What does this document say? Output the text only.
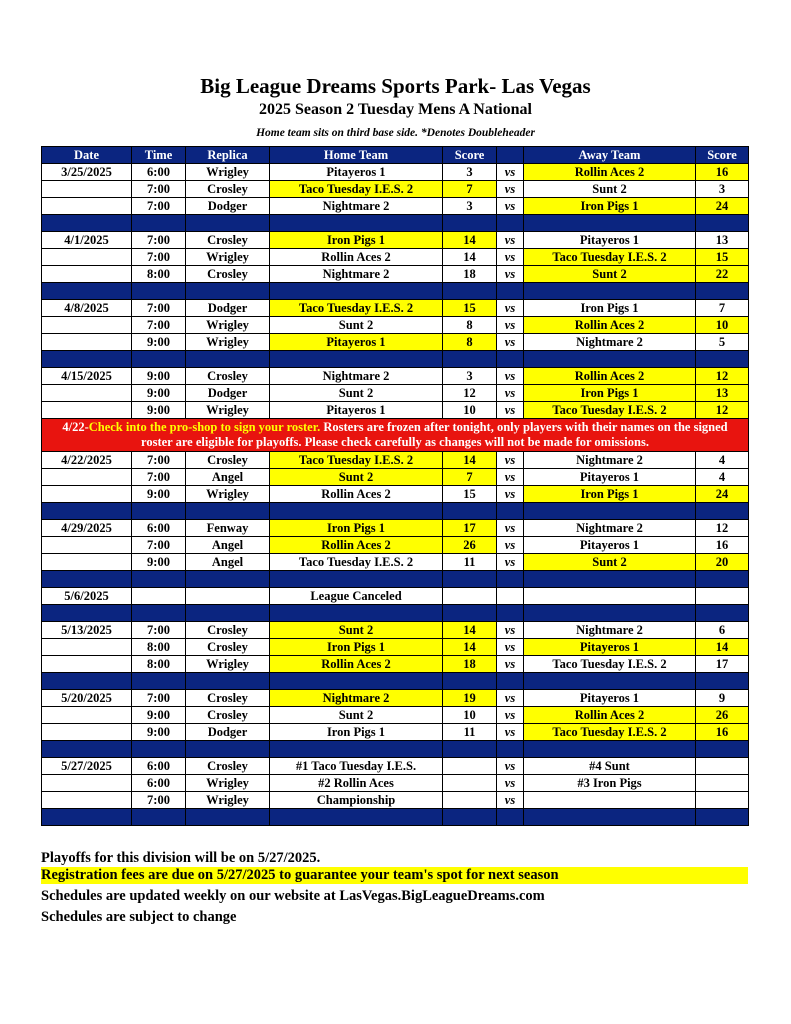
Big League Dreams Sports Park- Las Vegas
2025 Season 2 Tuesday Mens A National
Home team sits on third base side. *Denotes Doubleheader
Date	Time	Replica	Home Team	Score		Away Team	Score
3/25/2025	6:00	Wrigley	Pitayeros 1	3	vs	Rollin Aces 2	16
	7:00	Crosley	Taco Tuesday I.E.S. 2	7	vs	Sunt 2	3
	7:00	Dodger	Nightmare 2	3	vs	Iron Pigs 1	24

4/1/2025	7:00	Crosley	Iron Pigs 1	14	vs	Pitayeros 1	13
	7:00	Wrigley	Rollin Aces 2	14	vs	Taco Tuesday I.E.S. 2	15
	8:00	Crosley	Nightmare 2	18	vs	Sunt 2	22

4/8/2025	7:00	Dodger	Taco Tuesday I.E.S. 2	15	vs	Iron Pigs 1	7
	7:00	Wrigley	Sunt 2	8	vs	Rollin Aces 2	10
	9:00	Wrigley	Pitayeros 1	8	vs	Nightmare 2	5

4/15/2025	9:00	Crosley	Nightmare 2	3	vs	Rollin Aces 2	12
	9:00	Dodger	Sunt 2	12	vs	Iron Pigs 1	13
	9:00	Wrigley	Pitayeros 1	10	vs	Taco Tuesday I.E.S. 2	12
4/22-Check into the pro-shop to sign your roster. Rosters are frozen after tonight, only players with their names on the signed roster are eligible for playoffs. Please check carefully as changes will not be made for omissions.							
4/22/2025	7:00	Crosley	Taco Tuesday I.E.S. 2	14	vs	Nightmare 2	4
	7:00	Angel	Sunt 2	7	vs	Pitayeros 1	4
	9:00	Wrigley	Rollin Aces 2	15	vs	Iron Pigs 1	24

4/29/2025	6:00	Fenway	Iron Pigs 1	17	vs	Nightmare 2	12
	7:00	Angel	Rollin Aces 2	26	vs	Pitayeros 1	16
	9:00	Angel	Taco Tuesday I.E.S. 2	11	vs	Sunt 2	20

5/6/2025			League Canceled				

5/13/2025	7:00	Crosley	Sunt 2	14	vs	Nightmare 2	6
	8:00	Crosley	Iron Pigs 1	14	vs	Pitayeros 1	14
	8:00	Wrigley	Rollin Aces 2	18	vs	Taco Tuesday I.E.S. 2	17

5/20/2025	7:00	Crosley	Nightmare 2	19	vs	Pitayeros 1	9
	9:00	Crosley	Sunt 2	10	vs	Rollin Aces 2	26
	9:00	Dodger	Iron Pigs 1	11	vs	Taco Tuesday I.E.S. 2	16

5/27/2025	6:00	Crosley	#1 Taco Tuesday I.E.S.		vs	#4 Sunt	
	6:00	Wrigley	#2 Rollin Aces		vs	#3 Iron Pigs	
	7:00	Wrigley	Championship		vs		

Playoffs for this division will be on 5/27/2025.
Registration fees are due on 5/27/2025 to guarantee your team's spot for next season
Schedules are updated weekly on our website at LasVegas.BigLeagueDreams.com
Schedules are subject to change
